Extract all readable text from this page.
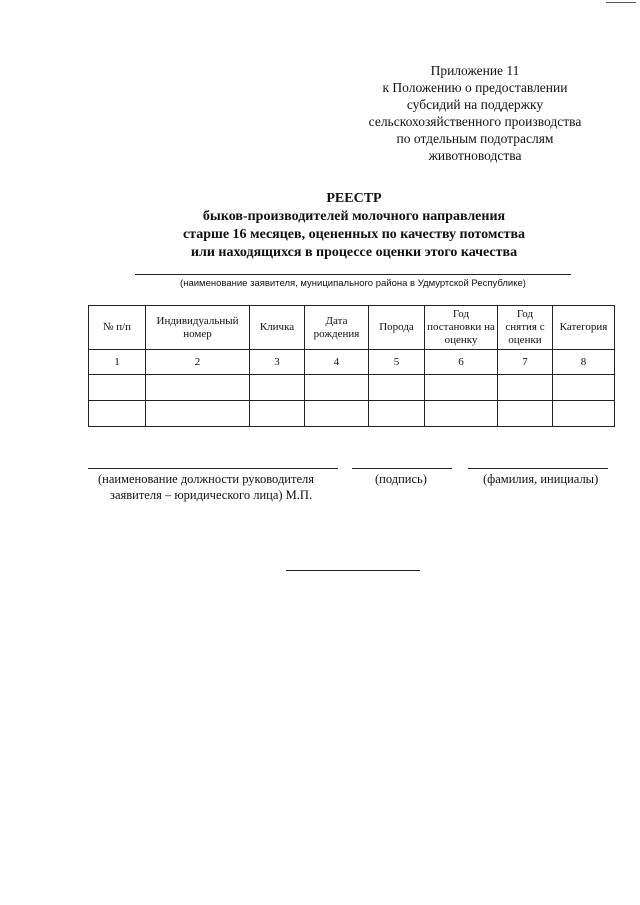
Приложение 11
к Положению о предоставлении
субсидий на поддержку
сельскохозяйственного производства
по отдельным подотраслям
животноводства
РЕЕСТР
быков-производителей молочного направления
старше 16 месяцев, оцененных по качеству потомства
или находящихся в процессе оценки этого качества
(наименование заявителя, муниципального района в Удмуртской Республике)
№ п/п	Индивидуальный номер	Кличка	Дата рождения	Порода	Год постановки на оценку	Год снятия с оценки	Категория
1	2	3	4	5	6	7	8

(наименование должности руководителя
заявителя – юридического лица) М.П.
(подпись)	(фамилия, инициалы)
